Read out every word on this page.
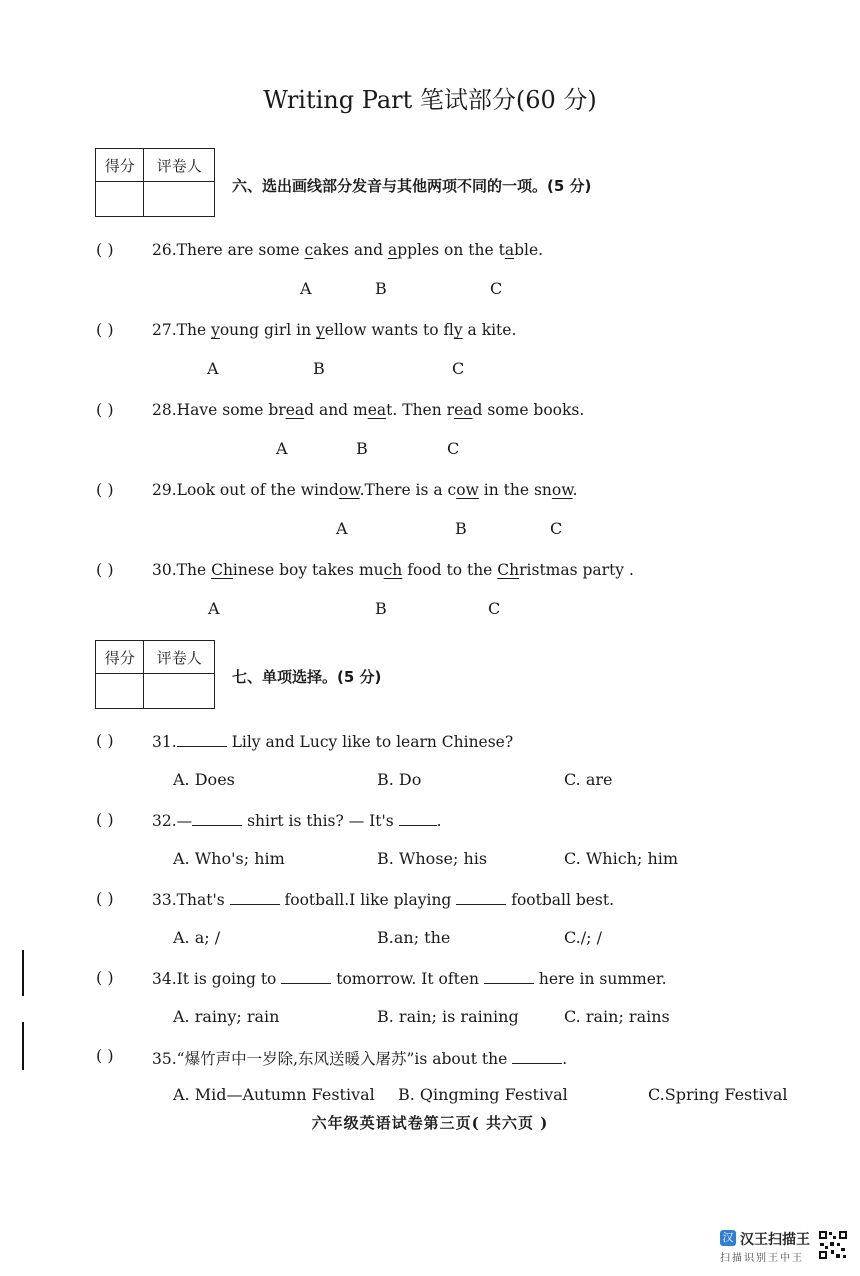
Writing Part 笔试部分(60 分)
得分	评卷人

六、选出画线部分发音与其他两项不同的一项。(5 分)
( ) 26.There are some cakes and apples on the table.
A	B	C
( ) 27.The young girl in yellow wants to fly a kite.
A	B	C
( ) 28.Have some bread and meat. Then read some books.
A	B	C
( ) 29.Look out of the window.There is a cow in the snow.
A	B	C
( ) 30.The Chinese boy takes much food to the Christmas party .
A	B	C
得分	评卷人

七、单项选择。(5 分)
( ) 31.	Lily and Lucy like to learn Chinese?
A. Does	B. Do	C. are
( ) 32.—	shirt is this? — It's .
A. Who's; him	B. Whose; his	C. Which; him
( ) 33.That's	football.I like playing	football best.
A. a; /	B.an; the	C./; /
( ) 34.It is going to	tomorrow. It often	here in summer.
A. rainy; rain	B. rain; is raining	C. rain; rains
( ) 35.“爆竹声中一岁除,东风送暖入屠苏”is about the	.
A. Mid—Autumn Festival B. Qingming Festival	C.Spring Festival
六年级英语试卷第三页( 共六页 )
汉 汉王扫描王
扫描识别王中王
